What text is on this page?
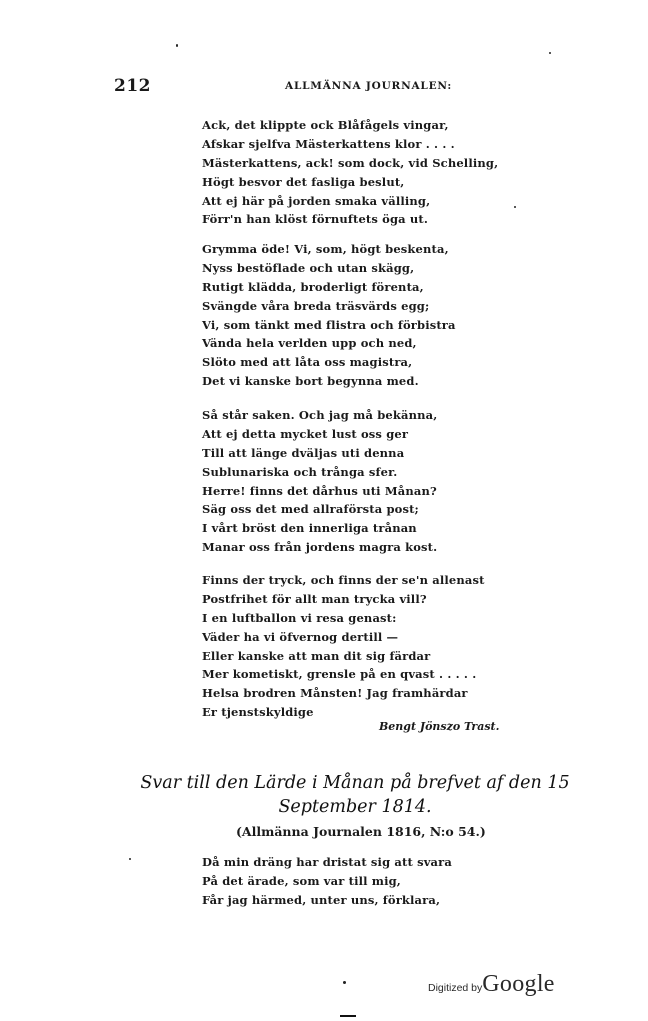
212	ALLMÄNNA JOURNALEN:
Ack, det klippte ock Blåfågels vingar,
Afskar sjelfva Mästerkattens klor . . . .
Mästerkattens, ack! som dock, vid Schelling,
Högt besvor det fasliga beslut,
Att ej här på jorden smaka välling,
Förr'n han klöst förnuftets öga ut.
Grymma öde! Vi, som, högt beskenta,
Nyss bestöflade och utan skägg,
Rutigt klädda, broderligt förenta,
Svängde våra breda träsvärds egg;
Vi, som tänkt med flistra och förbistra
Vända hela verlden upp och ned,
Slöto med att låta oss magistra,
Det vi kanske bort begynna med.
Så står saken. Och jag må bekänna,
Att ej detta mycket lust oss ger
Till att länge dväljas uti denna
Sublunariska och trånga sfer.
Herre! finns det dårhus uti Månan?
Säg oss det med allraförsta post;
I vårt bröst den innerliga trånan
Manar oss från jordens magra kost.
Finns der tryck, och finns der se'n allenast
Postfrihet för allt man trycka vill?
I en luftballon vi resa genast:
Väder ha vi öfvernog dertill —
Eller kanske att man dit sig färdar
Mer kometiskt, grensle på en qvast . . . . .
Helsa brodren Månsten! Jag framhärdar
Er tjenstskyldige
Bengt Jönszo Trast.
Svar till den Lärde i Månan på brefvet af den 15
September 1814.
(Allmänna Journalen 1816, N:o 54.)
Då min dräng har dristat sig att svara
På det ärade, som var till mig,
Får jag härmed, unter uns, förklara,
Digitized byGoogle
